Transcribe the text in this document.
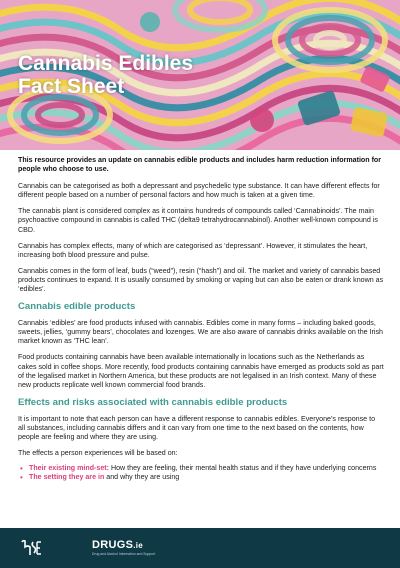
Cannabis Edibles
Fact Sheet

This resource provides an update on cannabis edible products and includes harm reduction information for people who choose to use.

Cannabis can be categorised as both a depressant and psychedelic type substance. It can have different effects for different people based on a number of personal factors and how much is taken at a given time.

The cannabis plant is considered complex as it contains hundreds of compounds called ‘Cannabinoids’. The main psychoactive compound in cannabis is called THC (delta9 tetrahydrocannabinol). Another well-known compound is CBD.

Cannabis has complex effects, many of which are categorised as ‘depressant’. However, it stimulates the heart, increasing both blood pressure and pulse.

Cannabis comes in the form of leaf, buds (“weed”), resin (“hash”) and oil. The market and variety of cannabis based products continues to expand. It is usually consumed by smoking or vaping but can also be eaten or drank known as ‘edibles’.

Cannabis edible products

Cannabis ‘edibles’ are food products infused with cannabis. Edibles come in many forms – including baked goods, sweets, jellies, ‘gummy bears’, chocolates and lozenges. We are also aware of cannabis drinks available on the Irish market known as ‘THC lean’.

Food products containing cannabis have been available internationally in locations such as the Netherlands as cakes sold in coffee shops. More recently, food products containing cannabis have emerged as products sold as part of the legalised market in Northern America, but these products are not legalised in an Irish context. Many of these new products replicate well known commercial food brands.

Effects and risks associated with cannabis edible products

It is important to note that each person can have a different response to cannabis edibles. Everyone’s response to all substances, including cannabis differs and it can vary from one time to the next based on the contents, how people are feeling and where they are using.

The effects a person experiences will be based on:

• Their existing mind-set: How they are feeling, their mental health status and if they have underlying concerns
• The setting they are in and why they are using
DRUGS.ie
Drug and Alcohol Information and Support
